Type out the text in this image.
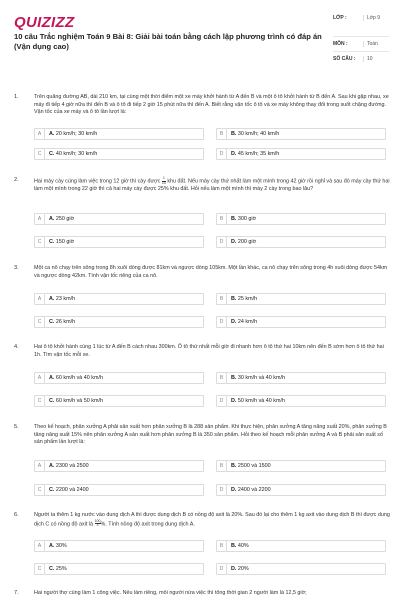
QUIZIZZ
10 câu Trắc nghiệm Toán 9 Bài 8: Giải bài toán bằng cách lập phương trình có đáp án (Vận dụng cao)
LỚP :	Lớp 9
MÔN :	Toán
SỐ CÂU :	10
1.	Trên quãng đường AB, dài 210 km, tại cùng một thời điểm một xe máy khởi hành từ A đến B và một ô tô khởi hành từ B đến A. Sau khi gặp nhau, xe máy đi tiếp 4 giờ nữa thì đến B và ô tô đi tiếp 2 giờ 15 phút nữa thì đến A. Biết rằng vận tốc ô tô và xe máy không thay đổi trong suốt chặng đường. Vận tốc của xe máy và ô tô lần lượt là:
A	A. 20 km/h; 30 km/h	B	B. 30 km/h; 40 km/h
C	C. 40 km/h; 30 km/h	D	D. 45 km/h; 35 km/h
2.	Hai máy cày cùng làm việc trong 12 giờ thì cày được $\frac{1}{10}$ khu đất. Nếu máy cày thứ nhất làm một mình trong 42 giờ rồi nghỉ và sau đó máy cày thứ hai làm một mình trong 22 giờ thì cả hai máy cày được 25% khu đất. Hỏi nếu làm một mình thì máy 2 cày trong bao lâu?
A	A. 250 giờ	B	B. 300 giờ
C	C. 150 giờ	D	D. 200 giờ
3.	Một ca nô chạy trên sông trong 8h xuôi dòng được 81km và ngược dòng 105km. Một lần khác, ca nô chạy trên sông trong 4h xuôi dòng được 54km và ngược dòng 42km. Tính vận tốc riêng của ca nô.
A	A. 23 km/h	B	B. 25 km/h
C	C. 26 km/h	D	D. 24 km/h
4.	Hai ô tô khởi hành cùng 1 lúc từ A đến B cách nhau 300km. Ô tô thứ nhất mỗi giờ đi nhanh hơn ô tô thứ hai 10km nên đến B sớm hơn ô tô thứ hai 1h. Tìm vận tốc mỗi xe.
A	A. 60 km/h và 40 km/h	B	B. 30 km/h và 40 km/h
C	C. 60 km/h và 50 km/h	D	D. 50 km/h và 40 km/h
5.	Theo kế hoạch, phân xưởng A phải sản xuất hơn phân xưởng B là 288 sản phẩm. Khi thực hiện, phân xưởng A tăng năng suất 20%, phân xưởng B tăng năng suất 15% nên phân xưởng A sản xuất hơn phân xưởng B là 350 sản phẩm. Hỏi theo kế hoạch mỗi phân xưởng A và B phải sản xuất số sản phẩm lần lượt là:
A	A. 2300 và 2500	B	B. 2500 và 1500
C	C. 2200 và 2400	D	D. 2400 và 2200
6.	Người ta thêm 1 kg nước vào dung dịch A thì được dung dịch B có nồng độ axit là 20%. Sau đó lại cho thêm 1 kg axit vào dung dịch B thì được dung dịch C có nồng độ axit là $\frac{100}{3}$ %. Tính nồng độ axit trong dung dịch A.
A	A. 30%	B	B. 40%
C	C. 25%	D	D. 20%
7.	Hai người thợ cùng làm 1 công việc. Nếu làm riêng, mỗi người nửa việc thì tổng thời gian 2 người làm là 12,5 giờ;
